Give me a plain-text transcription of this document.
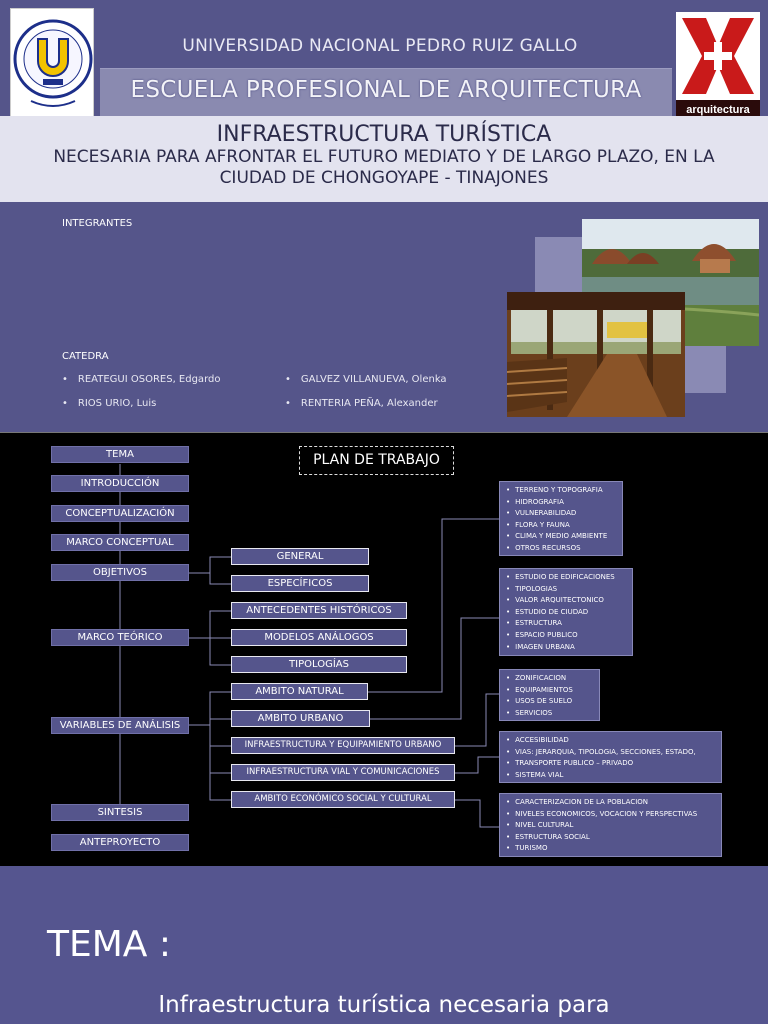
UNIVERSIDAD NACIONAL PEDRO RUIZ GALLO
ESCUELA PROFESIONAL DE ARQUITECTURA
arquitectura
INFRAESTRUCTURA TURÍSTICA
NECESARIA PARA AFRONTAR EL FUTURO MEDIATO Y DE LARGO PLAZO, EN LA CIUDAD DE CHONGOYAPE - TINAJONES
INTEGRANTES
CATEDRA
• REATEGUI OSORES, Edgardo	• GALVEZ VILLANUEVA, Olenka
• RIOS URIO, Luis	• RENTERIA PEÑA, Alexander
PLAN DE TRABAJO
TEMA
INTRODUCCIÓN
CONCEPTUALIZACIÓN
MARCO CONCEPTUAL
OBJETIVOS
MARCO TEÓRICO
VARIABLES DE ANÁLISIS
SINTESIS
ANTEPROYECTO
GENERAL
ESPECÍFICOS
ANTECEDENTES HISTÓRICOS
MODELOS ANÁLOGOS
TIPOLOGÍAS
AMBITO NATURAL
AMBITO URBANO
INFRAESTRUCTURA Y EQUIPAMIENTO URBANO
INFRAESTRUCTURA VIAL Y COMUNICACIONES
AMBITO ECONÓMICO SOCIAL Y CULTURAL
• TERRENO Y TOPOGRAFIA
• HIDROGRAFIA
• VULNERABILIDAD
• FLORA Y FAUNA
• CLIMA Y MEDIO AMBIENTE
• OTROS RECURSOS
• ESTUDIO DE EDIFICACIONES
• TIPOLOGIAS
• VALOR ARQUITECTONICO
• ESTUDIO DE CIUDAD
• ESTRUCTURA
• ESPACIO PUBLICO
• IMAGEN URBANA
• ZONIFICACION
• EQUIPAMIENTOS
• USOS DE SUELO
• SERVICIOS
• ACCESIBILIDAD
• VIAS: JERARQUIA, TIPOLOGIA, SECCIONES, ESTADO,
• TRANSPORTE PUBLICO – PRIVADO
• SISTEMA VIAL
• CARACTERIZACION DE LA POBLACION
• NIVELES ECONOMICOS, VOCACION Y PERSPECTIVAS
• NIVEL CULTURAL
• ESTRUCTURA SOCIAL
• TURISMO
TEMA :
Infraestructura turística necesaria para
